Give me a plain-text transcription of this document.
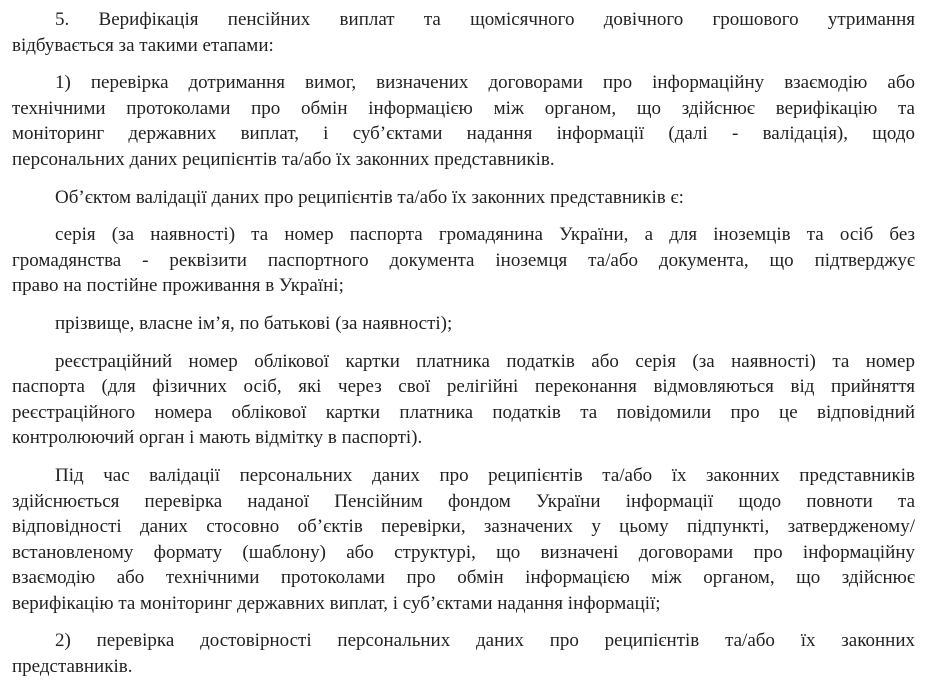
5. Верифікація пенсійних виплат та щомісячного довічного грошового утримання
відбувається за такими етапами:
1) перевірка дотримання вимог, визначених договорами про інформаційну взаємодію або
технічними протоколами про обмін інформацією між органом, що здійснює верифікацію та
моніторинг державних виплат, і суб’єктами надання інформації (далі - валідація), щодо
персональних даних реципієнтів та/або їх законних представників.
Об’єктом валідації даних про реципієнтів та/або їх законних представників є:
серія (за наявності) та номер паспорта громадянина України, а для іноземців та осіб без
громадянства - реквізити паспортного документа іноземця та/або документа, що підтверджує
право на постійне проживання в Україні;
прізвище, власне ім’я, по батькові (за наявності);
реєстраційний номер облікової картки платника податків або серія (за наявності) та номер
паспорта (для фізичних осіб, які через свої релігійні переконання відмовляються від прийняття
реєстраційного номера облікової картки платника податків та повідомили про це відповідний
контролюючий орган і мають відмітку в паспорті).
Під час валідації персональних даних про реципієнтів та/або їх законних представників
здійснюється перевірка наданої Пенсійним фондом України інформації щодо повноти та
відповідності даних стосовно об’єктів перевірки, зазначених у цьому підпункті, затвердженому/
встановленому формату (шаблону) або структурі, що визначені договорами про інформаційну
взаємодію або технічними протоколами про обмін інформацією між органом, що здійснює
верифікацію та моніторинг державних виплат, і суб’єктами надання інформації;
2) перевірка достовірності персональних даних про реципієнтів та/або їх законних
представників.
